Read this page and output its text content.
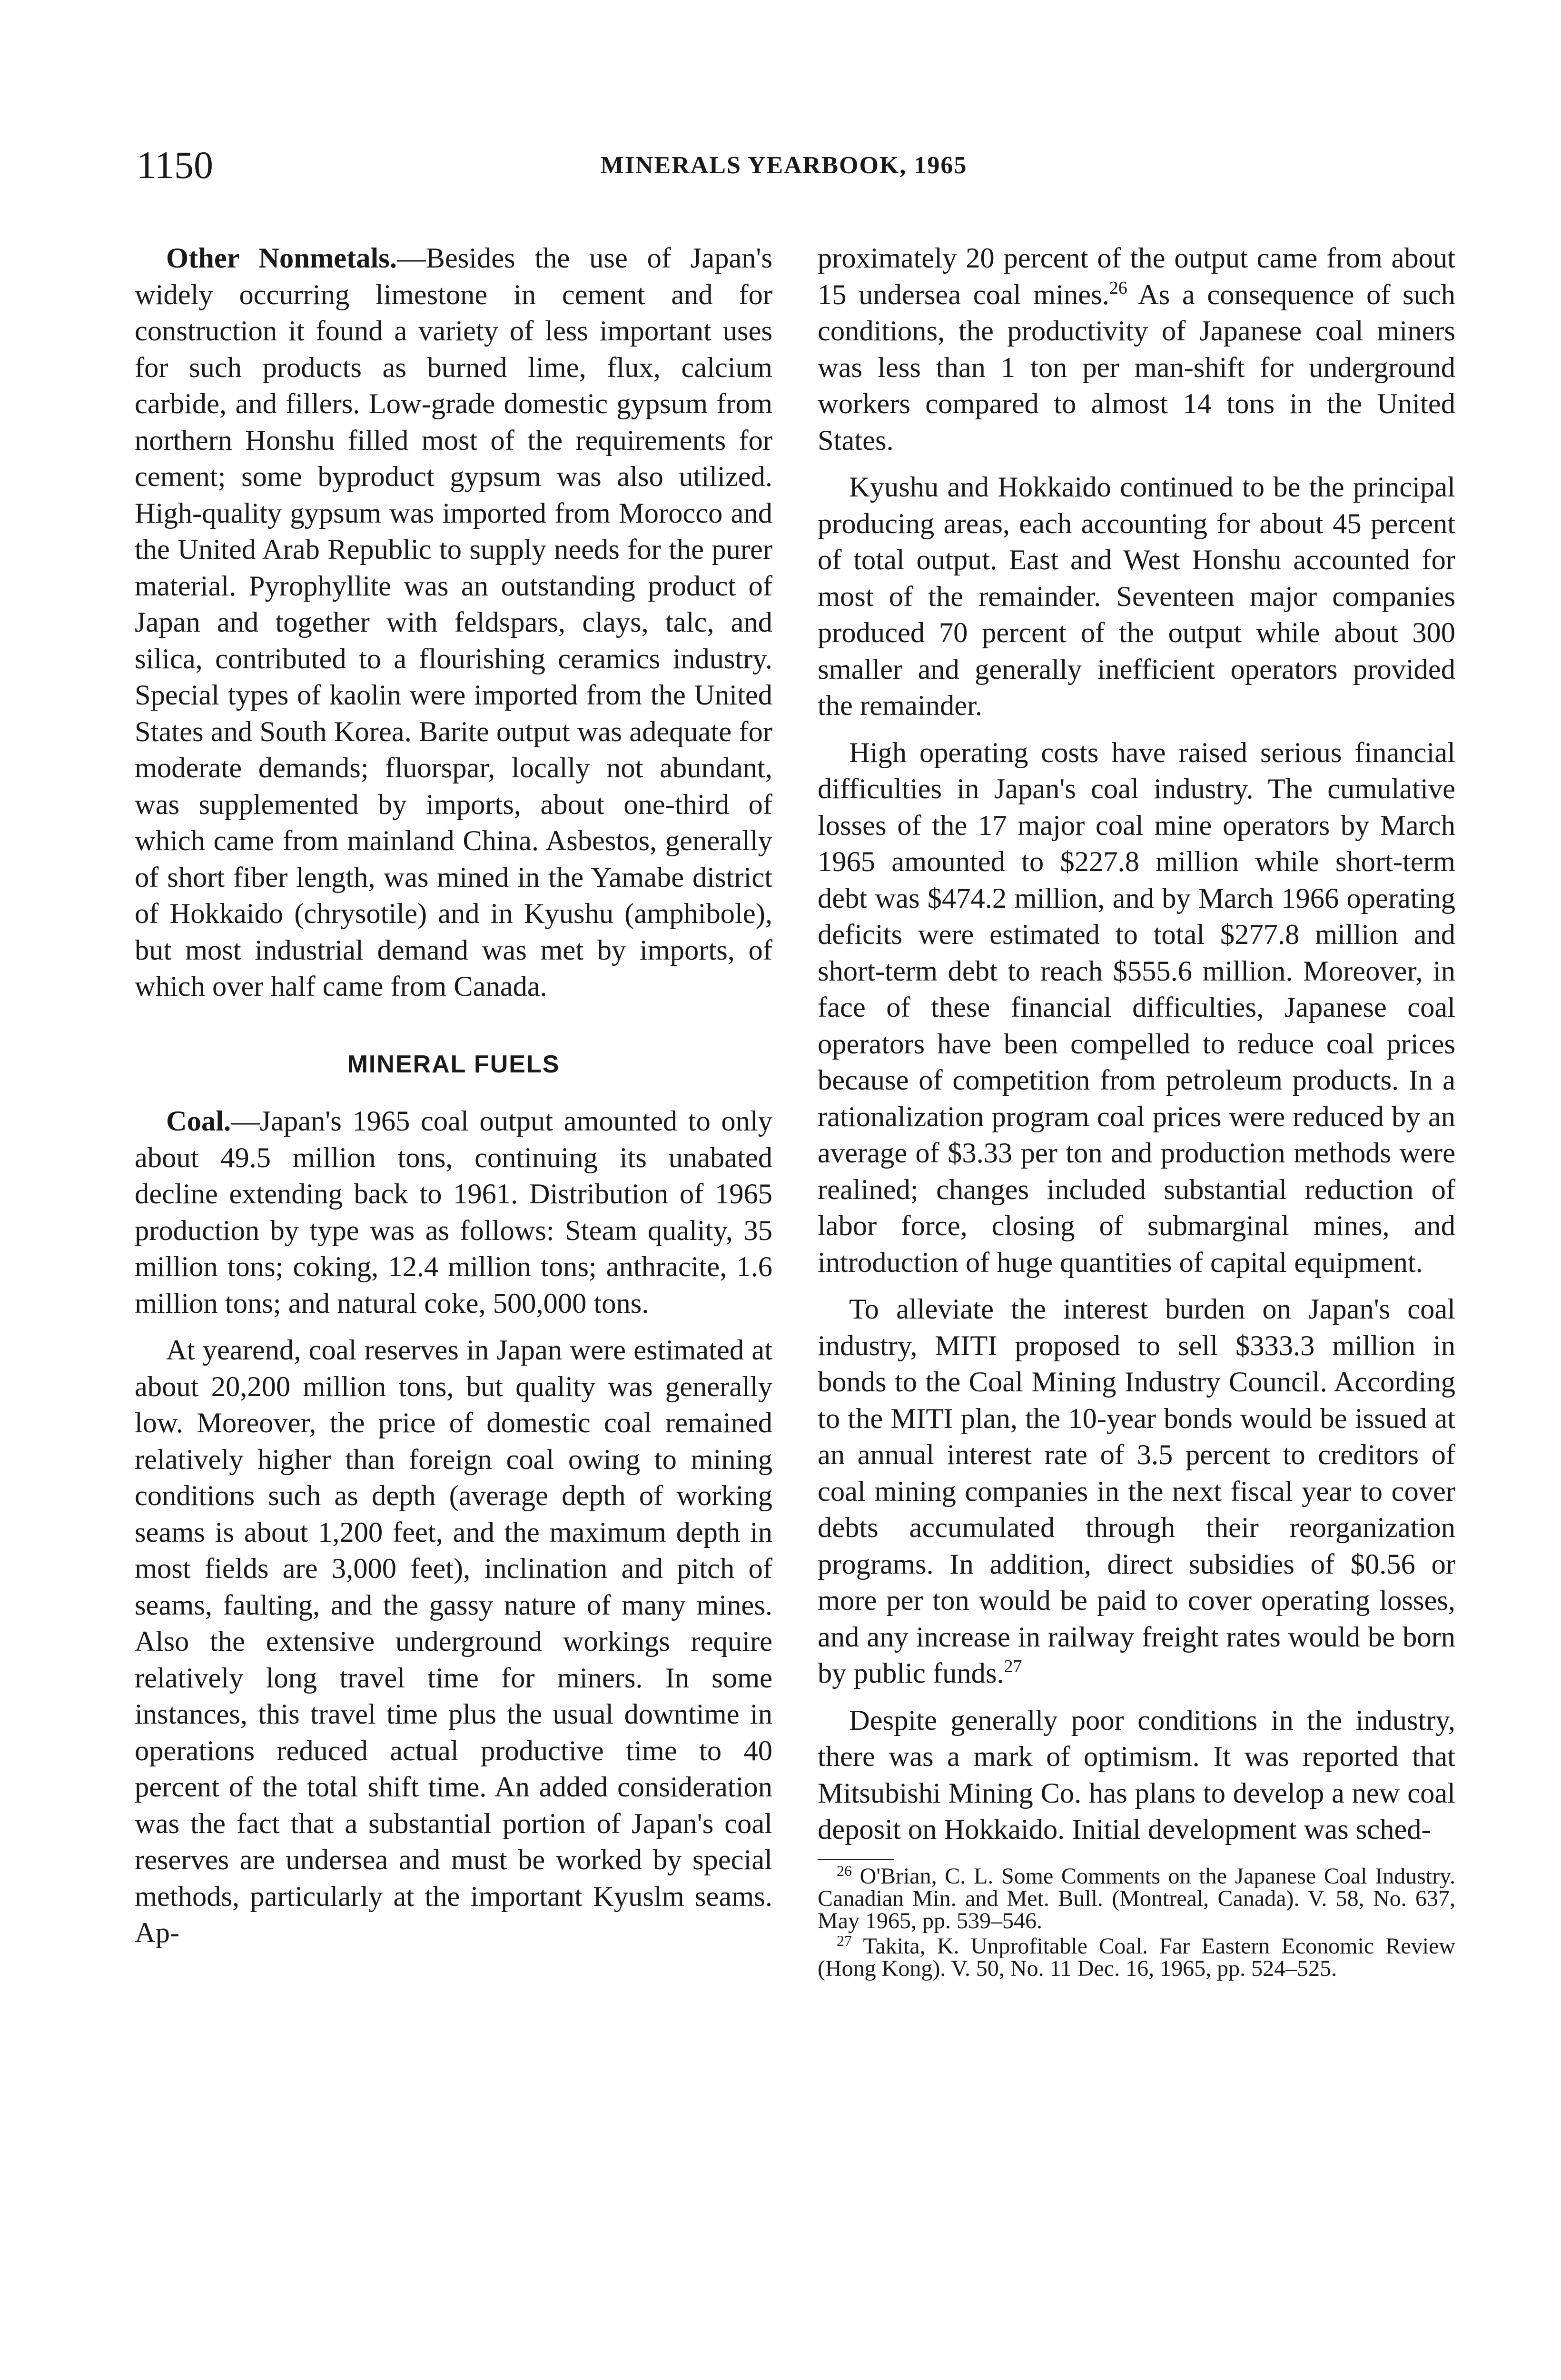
1150	MINERALS YEARBOOK, 1965

Other Nonmetals.—Besides the use of Japan's widely occurring limestone in cement and for construction it found a variety of less important uses for such products as burned lime, flux, calcium carbide, and fillers. Low-grade domestic gypsum from northern Honshu filled most of the requirements for cement; some byproduct gypsum was also utilized. High-quality gypsum was imported from Morocco and the United Arab Republic to supply needs for the purer material. Pyrophyllite was an outstanding product of Japan and together with feldspars, clays, talc, and silica, contributed to a flourishing ceramics industry. Special types of kaolin were imported from the United States and South Korea. Barite output was adequate for moderate demands; fluorspar, locally not abundant, was supplemented by imports, about one-third of which came from mainland China. Asbestos, generally of short fiber length, was mined in the Yamabe district of Hokkaido (chrysotile) and in Kyushu (amphibole), but most industrial demand was met by imports, of which over half came from Canada.

MINERAL FUELS

Coal.—Japan's 1965 coal output amounted to only about 49.5 million tons, continuing its unabated decline extending back to 1961. Distribution of 1965 production by type was as follows: Steam quality, 35 million tons; coking, 12.4 million tons; anthracite, 1.6 million tons; and natural coke, 500,000 tons.

At yearend, coal reserves in Japan were estimated at about 20,200 million tons, but quality was generally low. Moreover, the price of domestic coal remained relatively higher than foreign coal owing to mining conditions such as depth (average depth of working seams is about 1,200 feet, and the maximum depth in most fields are 3,000 feet), inclination and pitch of seams, faulting, and the gassy nature of many mines. Also the extensive underground workings require relatively long travel time for miners. In some instances, this travel time plus the usual downtime in operations reduced actual productive time to 40 percent of the total shift time. An added consideration was the fact that a substantial portion of Japan's coal reserves are undersea and must be worked by special methods, particularly at the important Kyuslm seams. Ap-

proximately 20 percent of the output came from about 15 undersea coal mines.$^{26}$ As a consequence of such conditions, the productivity of Japanese coal miners was less than 1 ton per man-shift for underground workers compared to almost 14 tons in the United States.

Kyushu and Hokkaido continued to be the principal producing areas, each accounting for about 45 percent of total output. East and West Honshu accounted for most of the remainder. Seventeen major companies produced 70 percent of the output while about 300 smaller and generally inefficient operators provided the remainder.

High operating costs have raised serious financial difficulties in Japan's coal industry. The cumulative losses of the 17 major coal mine operators by March 1965 amounted to $227.8 million while short-term debt was $474.2 million, and by March 1966 operating deficits were estimated to total $277.8 million and short-term debt to reach $555.6 million. Moreover, in face of these financial difficulties, Japanese coal operators have been compelled to reduce coal prices because of competition from petroleum products. In a rationalization program coal prices were reduced by an average of $3.33 per ton and production methods were realined; changes included substantial reduction of labor force, closing of submarginal mines, and introduction of huge quantities of capital equipment.

To alleviate the interest burden on Japan's coal industry, MITI proposed to sell $333.3 million in bonds to the Coal Mining Industry Council. According to the MITI plan, the 10-year bonds would be issued at an annual interest rate of 3.5 percent to creditors of coal mining companies in the next fiscal year to cover debts accumulated through their reorganization programs. In addition, direct subsidies of $0.56 or more per ton would be paid to cover operating losses, and any increase in railway freight rates would be born by public funds.$^{27}$

Despite generally poor conditions in the industry, there was a mark of optimism. It was reported that Mitsubishi Mining Co. has plans to develop a new coal deposit on Hokkaido. Initial development was sched-

$^{26}$ O'Brian, C. L. Some Comments on the Japanese Coal Industry. Canadian Min. and Met. Bull. (Montreal, Canada). V. 58, No. 637, May 1965, pp. 539–546.

$^{27}$ Takita, K. Unprofitable Coal. Far Eastern Economic Review (Hong Kong). V. 50, No. 11 Dec. 16, 1965, pp. 524–525.
